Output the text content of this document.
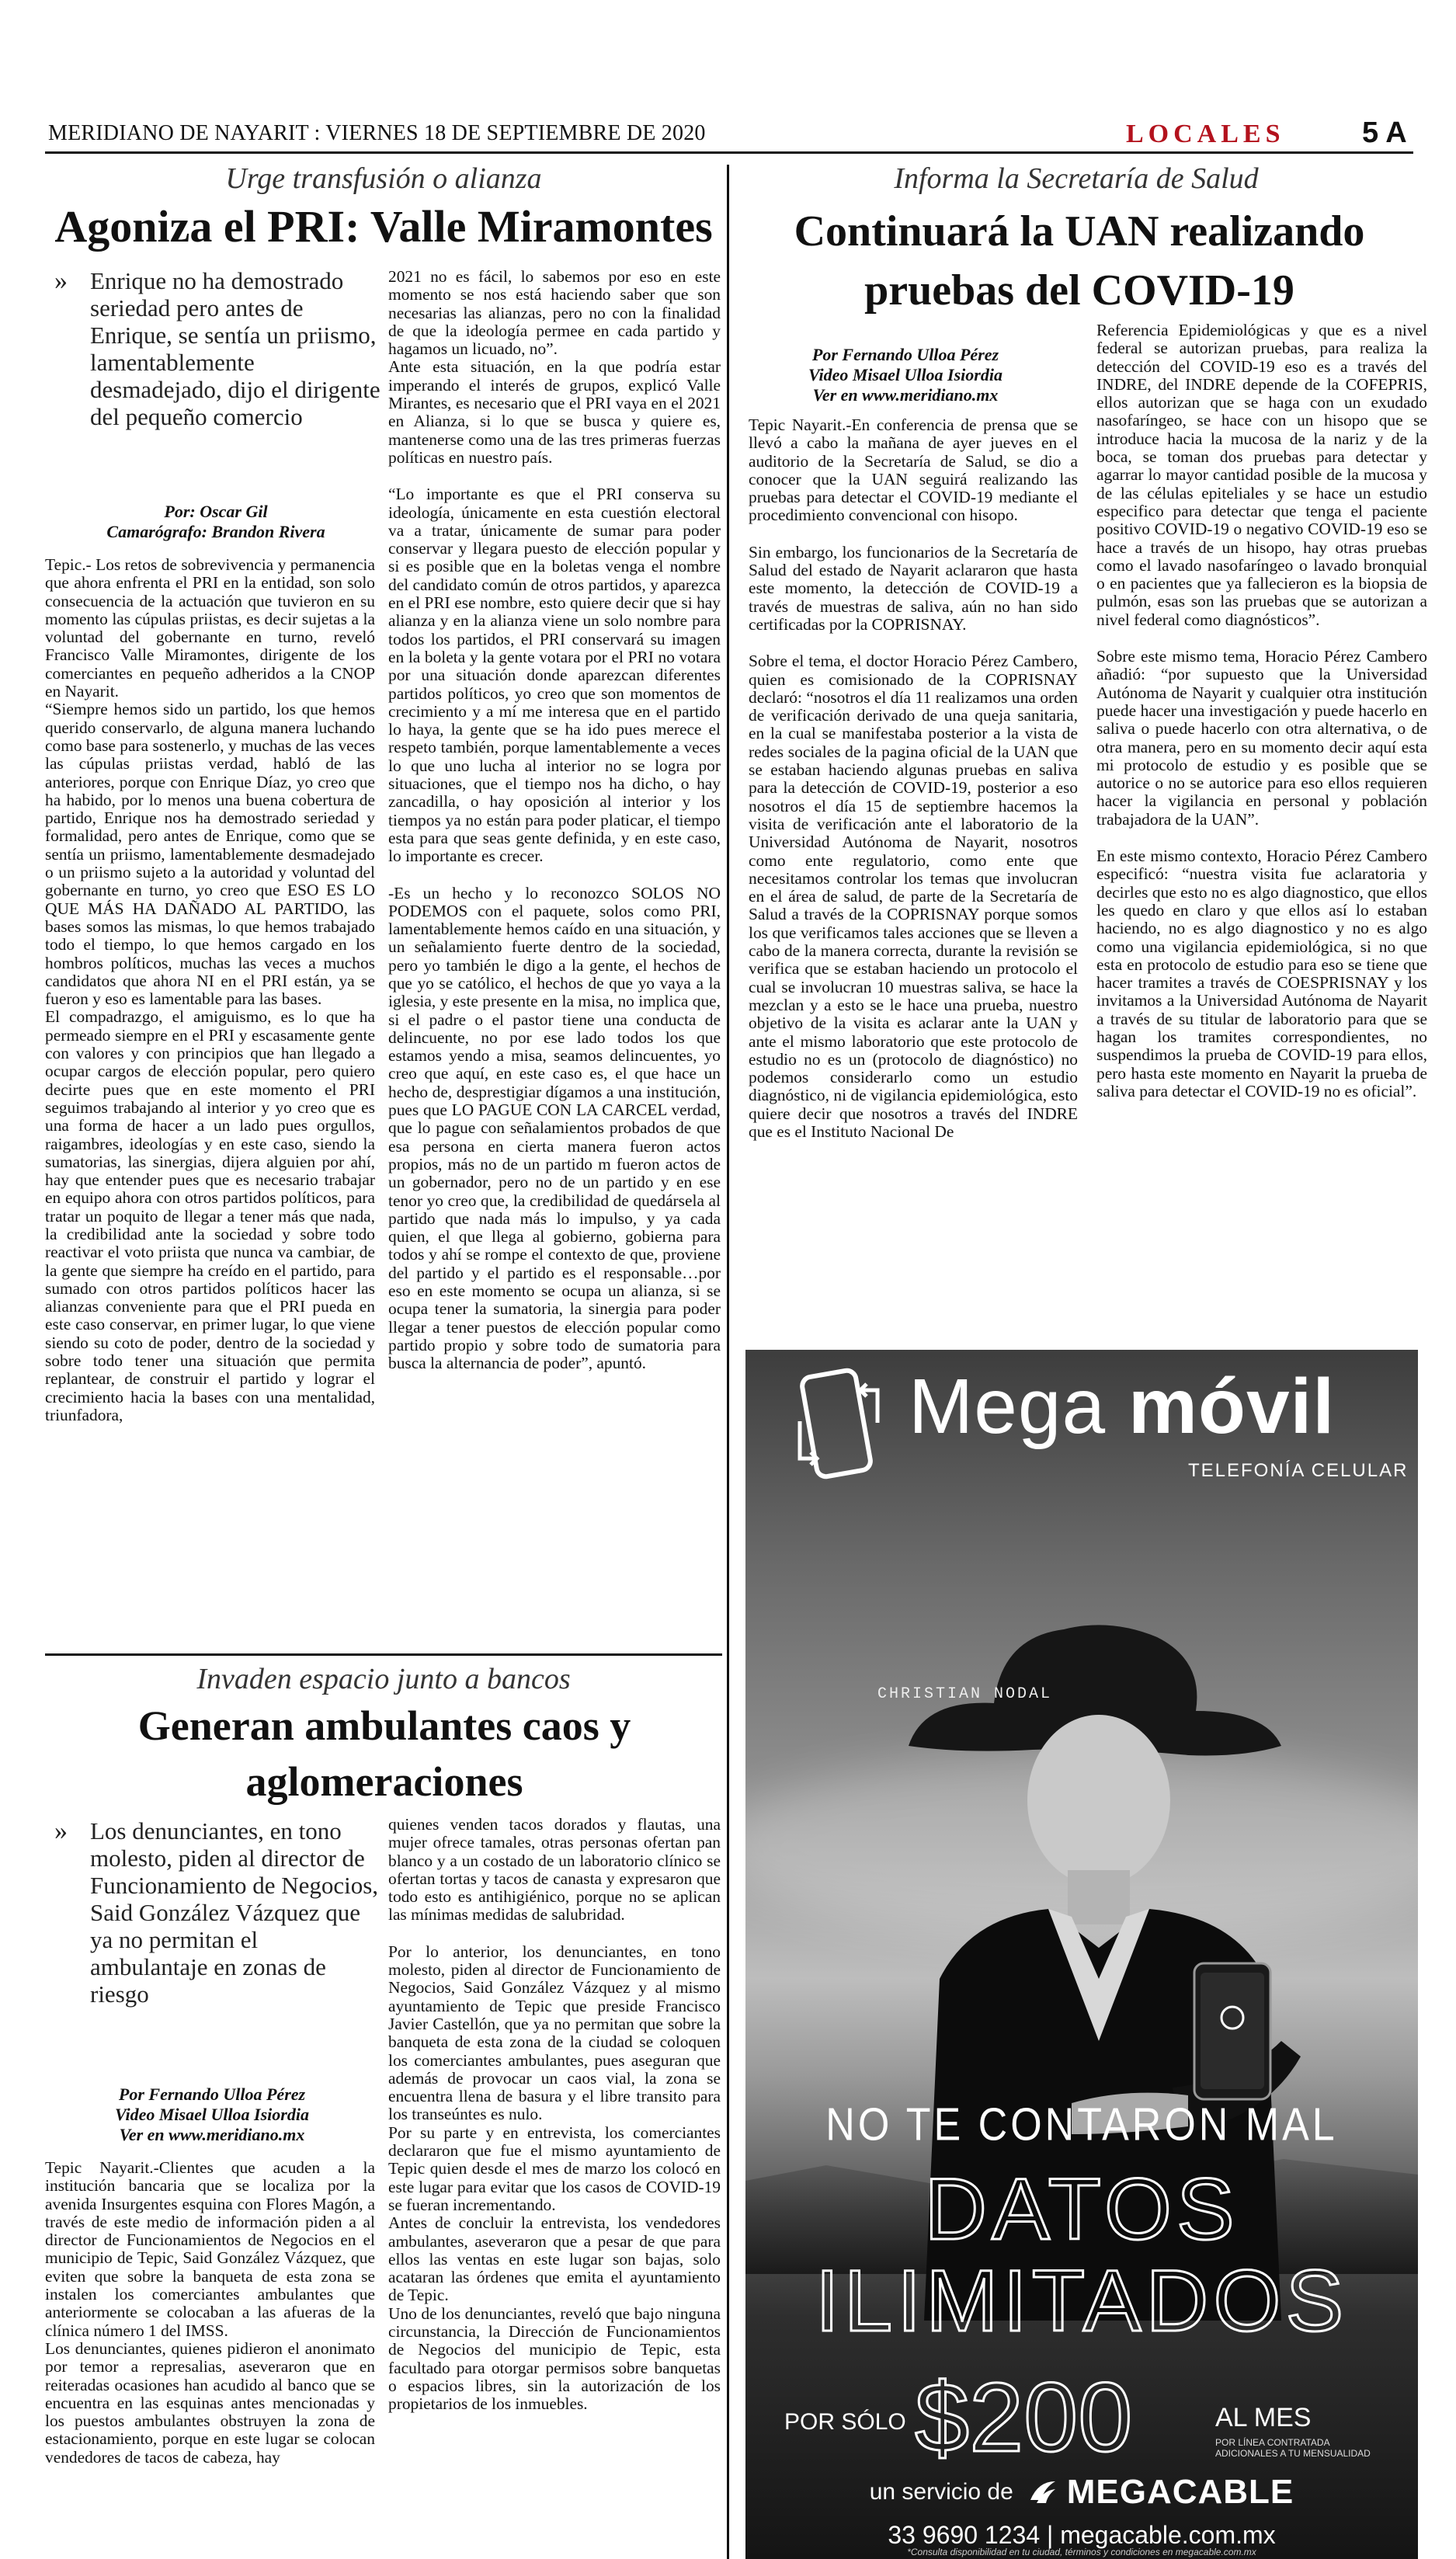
MERIDIANO DE NAYARIT : VIERNES 18 DE SEPTIEMBRE DE 2020	LOCALES	5 A
Urge transfusión o alianza
Agoniza el PRI: Valle Miramontes
» Enrique no ha demostrado seriedad pero antes de Enrique, se sentía un priismo, lamentablemente desmadejado, dijo el dirigente del pequeño comercio
Por: Oscar Gil
Camarógrafo: Brandon Rivera

Tepic.- Los retos de sobrevivencia y permanencia que ahora enfrenta el PRI en la entidad, son solo consecuencia de la actuación que tuvieron en su momento las cúpulas priistas, es decir sujetas a la voluntad del gobernante en turno, reveló Francisco Valle Miramontes, dirigente de los comerciantes en pequeño adheridos a la CNOP en Nayarit.

“Siempre hemos sido un partido, los que hemos querido conservarlo, de alguna manera luchando como base para sostenerlo, y muchas de las veces las cúpulas priistas verdad, habló de las anteriores, porque con Enrique Díaz, yo creo que ha habido, por lo menos una buena cobertura de partido, Enrique nos ha demostrado seriedad y formalidad, pero antes de Enrique, como que se sentía un priismo, lamentablemente desmadejado o un priismo sujeto a la autoridad y voluntad del gobernante en turno, yo creo que ESO ES LO QUE MÁS HA DAÑADO AL PARTIDO, las bases somos las mismas, lo que hemos trabajado todo el tiempo, lo que hemos cargado en los hombros políticos, muchas las veces a muchos candidatos que ahora NI en el PRI están, ya se fueron y eso es lamentable para las bases.

El compadrazgo, el amiguismo, es lo que ha permeado siempre en el PRI y escasamente gente con valores y con principios que han llegado a ocupar cargos de elección popular, pero quiero decirte pues que en este momento el PRI seguimos trabajando al interior y yo creo que es una forma de hacer a un lado pues orgullos, raigambres, ideologías y en este caso, siendo la sumatorias, las sinergias, dijera alguien por ahí, hay que entender pues que es necesario trabajar en equipo ahora con otros partidos políticos, para tratar un poquito de llegar a tener más que nada, la credibilidad ante la sociedad y sobre todo reactivar el voto priista que nunca va cambiar, de la gente que siempre ha creído en el partido, para sumado con otros partidos políticos hacer las alianzas conveniente para que el PRI pueda en este caso conservar, en primer lugar, lo que viene siendo su coto de poder, dentro de la sociedad y sobre todo tener una situación que permita replantear, de construir el partido y lograr el crecimiento hacia la bases con una mentalidad, triunfadora,

2021 no es fácil, lo sabemos por eso en este momento se nos está haciendo saber que son necesarias las alianzas, pero no con la finalidad de que la ideología permee en cada partido y hagamos un licuado, no”.

Ante esta situación, en la que podría estar imperando el interés de grupos, explicó Valle Mirantes, es necesario que el PRI vaya en el 2021 en Alianza, si lo que se busca y quiere es, mantenerse como una de las tres primeras fuerzas políticas en nuestro país.

“Lo importante es que el PRI conserva su ideología, únicamente en esta cuestión electoral va a tratar, únicamente de sumar para poder conservar y llegara puesto de elección popular y si es posible que en la boletas venga el nombre del candidato común de otros partidos, y aparezca en el PRI ese nombre, esto quiere decir que si hay alianza y en la alianza viene un solo nombre para todos los partidos, el PRI conservará su imagen en la boleta y la gente votara por el PRI no votara por una situación donde aparezcan diferentes partidos políticos, yo creo que son momentos de crecimiento y a mí me interesa que en el partido lo haya, la gente que se ha ido pues merece el respeto también, porque lamentablemente a veces lo que uno lucha al interior no se logra por situaciones, que el tiempo nos ha dicho, o hay zancadilla, o hay oposición al interior y los tiempos ya no están para poder platicar, el tiempo esta para que seas gente definida, y en este caso, lo importante es crecer.

-Es un hecho y lo reconozco SOLOS NO PODEMOS con el paquete, solos como PRI, lamentablemente hemos caído en una situación, y un señalamiento fuerte dentro de la sociedad, pero yo también le digo a la gente, el hechos de que yo se católico, el hechos de que yo vaya a la iglesia, y este presente en la misa, no implica que, si el padre o el pastor tiene una conducta de delincuente, no por ese lado todos los que estamos yendo a misa, seamos delincuentes, yo creo que aquí, en este caso es, el que hace un hecho de, desprestigiar dígamos a una institución, pues que LO PAGUE CON LA CARCEL verdad, que lo pague con señalamientos probados de que esa persona en cierta manera fueron actos propios, más no de un partido m fueron actos de un gobernador, pero no de un partido y en ese tenor yo creo que, la credibilidad de quedársela al partido que nada más lo impulso, y ya cada quien, el que llega al gobierno, gobierna para todos y ahí se rompe el contexto de que, proviene del partido y el partido es el responsable…por eso en este momento se ocupa un alianza, si se ocupa tener la sumatoria, la sinergia para poder llegar a tener puestos de elección popular como partido propio y sobre todo de sumatoria para busca la alternancia de poder”, apuntó.

Informa la Secretaría de Salud
Continuará la UAN realizando pruebas del COVID-19
Por Fernando Ulloa Pérez
Video Misael Ulloa Isiordia
Ver en www.meridiano.mx

Tepic Nayarit.-En conferencia de prensa que se llevó a cabo la mañana de ayer jueves en el auditorio de la Secretaría de Salud, se dio a conocer que la UAN seguirá realizando las pruebas para detectar el COVID-19 mediante el procedimiento convencional con hisopo.

Sin embargo, los funcionarios de la Secretaría de Salud del estado de Nayarit aclararon que hasta este momento, la detección de COVID-19 a través de muestras de saliva, aún no han sido certificadas por la COPRISNAY.

Sobre el tema, el doctor Horacio Pérez Cambero, quien es comisionado de la COPRISNAY declaró: “nosotros el día 11 realizamos una orden de verificación derivado de una queja sanitaria, en la cual se manifestaba posterior a la vista de redes sociales de la pagina oficial de la UAN que se estaban haciendo algunas pruebas en saliva para la detección de COVID-19, posterior a eso nosotros el día 15 de septiembre hacemos la visita de verificación ante el laboratorio de la Universidad Autónoma de Nayarit, nosotros como ente regulatorio, como ente que necesitamos controlar los temas que involucran en el área de salud, de parte de la Secretaría de Salud a través de la COPRISNAY porque somos los que verificamos tales acciones que se lleven a cabo de la manera correcta, durante la revisión se verifica que se estaban haciendo un protocolo el cual se involucran 10 muestras saliva, se hace la mezclan y a esto se le hace una prueba, nuestro objetivo de la visita es aclarar ante la UAN y ante el mismo laboratorio que este protocolo de estudio no es un (protocolo de diagnóstico) no podemos considerarlo como un estudio diagnóstico, ni de vigilancia epidemiológica, esto quiere decir que nosotros a través del INDRE que es el Instituto Nacional De

Referencia Epidemiológicas y que es a nivel federal se autorizan pruebas, para realiza la detección del COVID-19 eso es a través del INDRE, del INDRE depende de la COFEPRIS, ellos autorizan que se haga con un exudado nasofaríngeo, se hace con un hisopo que se introduce hacia la mucosa de la nariz y de la boca, se toman dos pruebas para detectar y agarrar lo mayor cantidad posible de la mucosa y de las células epiteliales y se hace un estudio especifico para detectar que tenga el paciente positivo COVID-19 o negativo COVID-19 eso se hace a través de un hisopo, hay otras pruebas como el lavado nasofaríngeo o lavado bronquial o en pacientes que ya fallecieron es la biopsia de pulmón, esas son las pruebas que se autorizan a nivel federal como diagnósticos”.

Sobre este mismo tema, Horacio Pérez Cambero añadió: “por supuesto que la Universidad Autónoma de Nayarit y cualquier otra institución puede hacer una investigación y puede hacerlo en saliva o puede hacerlo con otra alternativa, o de otra manera, pero en su momento decir aquí esta mi protocolo de estudio y es posible que se autorice o no se autorice para eso ellos requieren hacer la vigilancia en personal y población trabajadora de la UAN”.

En este mismo contexto, Horacio Pérez Cambero especificó: “nuestra visita fue aclaratoria y decirles que esto no es algo diagnostico, que ellos les quedo en claro y que ellos así lo estaban haciendo, no es algo diagnostico y no es algo como una vigilancia epidemiológica, si no que esta en protocolo de estudio para eso se tiene que hacer tramites a través de COESPRISNAY y los invitamos a la Universidad Autónoma de Nayarit a través de su titular de laboratorio para que se hagan los tramites correspondientes, no suspendimos la prueba de COVID-19 para ellos, pero hasta este momento en Nayarit la prueba de saliva para detectar el COVID-19 no es oficial”.

Invaden espacio junto a bancos
Generan ambulantes caos y aglomeraciones
» Los denunciantes, en tono molesto, piden al director de Funcionamiento de Negocios, Said González Vázquez que ya no permitan el ambulantaje en zonas de riesgo
Por Fernando Ulloa Pérez
Video Misael Ulloa Isiordia
Ver en www.meridiano.mx

Tepic Nayarit.-Clientes que acuden a la institución bancaria que se localiza por la avenida Insurgentes esquina con Flores Magón, a través de este medio de información piden a al director de Funcionamientos de Negocios en el municipio de Tepic, Said González Vázquez, que eviten que sobre la banqueta de esta zona se instalen los comerciantes ambulantes que anteriormente se colocaban a las afueras de la clínica número 1 del IMSS.

Los denunciantes, quienes pidieron el anonimato por temor a represalias, aseveraron que en reiteradas ocasiones han acudido al banco que se encuentra en las esquinas antes mencionadas y los puestos ambulantes obstruyen la zona de estacionamiento, porque en este lugar se colocan vendedores de tacos de cabeza, hay

quienes venden tacos dorados y flautas, una mujer ofrece tamales, otras personas ofertan pan blanco y a un costado de un laboratorio clínico se ofertan tortas y tacos de canasta y expresaron que todo esto es antihigiénico, porque no se aplican las mínimas medidas de salubridad.

Por lo anterior, los denunciantes, en tono molesto, piden al director de Funcionamiento de Negocios, Said González Vázquez y al mismo ayuntamiento de Tepic que preside Francisco Javier Castellón, que ya no permitan que sobre la banqueta de esta zona de la ciudad se coloquen los comerciantes ambulantes, pues aseguran que además de provocar un caos vial, la zona se encuentra llena de basura y el libre transito para los transeúntes es nulo.

Por su parte y en entrevista, los comerciantes declararon que fue el mismo ayuntamiento de Tepic quien desde el mes de marzo los colocó en este lugar para evitar que los casos de COVID-19 se fueran incrementando.

Antes de concluir la entrevista, los vendedores ambulantes, aseveraron que a pesar de que para ellos las ventas en este lugar son bajas, solo acataran las órdenes que emita el ayuntamiento de Tepic.

Uno de los denunciantes, reveló que bajo ninguna circunstancia, la Dirección de Funcionamientos de Negocios del municipio de Tepic, esta facultado para otorgar permisos sobre banquetas o espacios libres, sin la autorización de los propietarios de los inmuebles.

Mega móvil
TELEFONÍA CELULAR
CHRISTIAN NODAL
NO TE CONTARON MAL
DATOS
ILIMITADOS
POR SÓLO $200	AL MES
POR LÍNEA CONTRATADA ADICIONALES A TU MENSUALIDAD
un servicio de MEGACABLE
33 9690 1234 | megacable.com.mx
*Consulta disponibilidad en tu ciudad, términos y condiciones en megacable.com.mx
